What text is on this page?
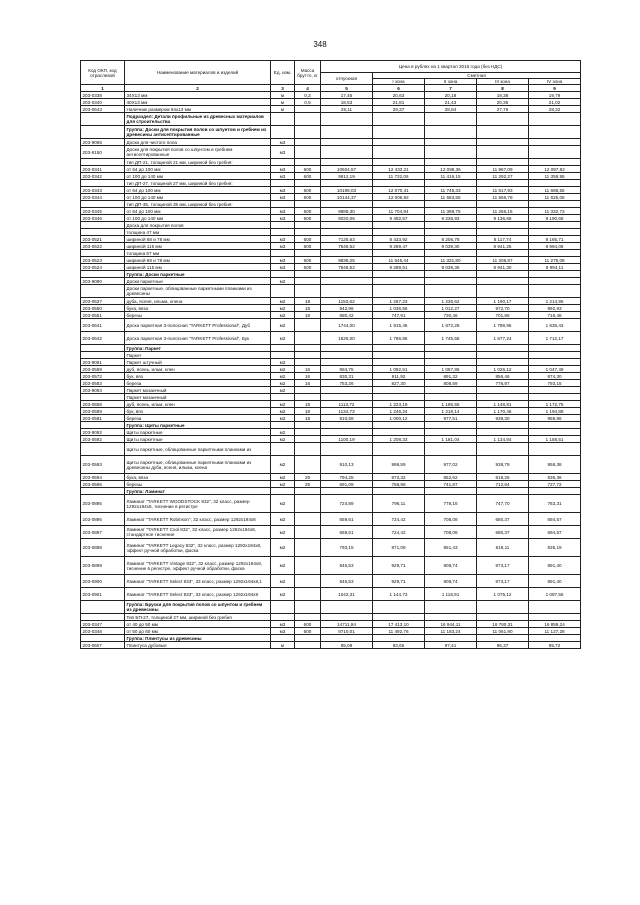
348
Код ОКП, код отраслевой	Наименование материалов и изделий	Ед. изм.	Масса брутто, кг	Цена в рублях на 1 квартал 2016 года (без НДС)				
				отпускная	Сметная			
					I зона	II зона	III зона	IV зона
1	2	3	4	5	6	7	8	9
203-0338	34Х13 мм	м	0,3	17,45	20,63	20,18	19,38	19,79
203-0340	40Х13 мм	м	0,5	18,53	21,81	21,43	20,35	21,02
203-0643	Наличник размером 94х13 мм	м		25,11	29,37	28,84	27,76	28,32
	Подраздел: Детали профильные из древесных материалов для строительства							
	Группа: Доски для покрытия полов со шпунтом и гребнем из древесины антисептированные							
203-9065	Доски для чистого пола	м3						
203-9150	Доски для покрытия полов со шпунтом и гребнем антисептированные	м3						
	тип ДП-21, толщиной 21 мм, шириной без гребня:							
203-0341	от 64 до 100 мм	м3	600	10504,57	12 433,21	12 098,36	11 967,09	12 097,82
203-0342	от 100 до 140 мм	м3	600	9912,19	11 732,06	11 416,15	11 292,27	11 358,95
	тип ДП-27, толщиной 27 мм, шириной без гребня:							
203-0343	от 64 до 100 мм	м3	600	10198,03	12 070,41	11 745,33	11 617,93	11 686,55
203-0344	от 100 до 140 мм	м3	600	10144,37	12 006,92	11 683,55	11 556,79	11 625,06
	тип ДП-35, толщиной 35 мм, шириной без гребня:							
203-0345	от 64 до 100 мм	м3	600	9889,30	11 704,94	11 389,75	11 266,15	11 332,73
203-0346	от 100 до 140 мм	м3	600	8020,06	9 492,57	9 236,93	9 136,69	9 190,68
	Доска для покрытия полов							
	толщина 47 мм							
203-0521	шириной 68 и 78 мм	м3	600	7125,63	8 433,92	8 206,78	8 117,74	8 165,71
203-0522	шириной 115 мм	м3	600	7648,52	9 289,47	9 039,30	8 941,25	8 994,08
	толщина 57 мм							
203-0523	шириной 68 и 78 мм	м3	600	9838,25	11 645,44	11 331,80	11 208,87	11 275,08
203-0524	шириной 115 мм	м3	600	7848,52	9 289,51	9 039,36	8 941,30	8 994,11
	Группа: Доски паркетные							
203-9090	Доски паркетные	м2						
	Доски паркетные, облицованные паркетными планками из древесины							
203-0537	дуба, ясеня, ильма, клена	м2	18	1153,62	1 267,23	1 236,62	1 190,17	1 214,95
203-0550	бука, вяза	м2	18	942,96	1 036,56	1 012,27	972,70	992,93
203-0551	березы	м2	18	680,42	747,91	730,46	701,86	716,48
203-0641	Доска паркетная 3-полосная "TARKETT Professional", Дуб	м2		1744,00	1 915,45	1 872,26	1 798,95	1 836,43
203-0642	Доска паркетная 3-полосная "TARKETT Professional", Бук	м2		1626,00	1 786,85	1 745,58	1 677,24	1 712,17
	Группа: Паркет							
	Паркет							
203-9091	Паркет штучный	м2						
203-0569	дуб, ясень, ильм, клен	м2	16	994,75	1 092,51	1 067,86	1 026,12	1 047,49
203-0572	бук, вяз	м2	16	830,31	911,92	891,32	856,46	874,30
203-0583	береза	м2	16	753,26	827,30	808,59	776,97	793,15
203-9093	Паркет мозаичный	м2						
	Паркет мозаичный							
203-0658	дуб, ясень, ильм, клен	м2	18	1113,72	1 223,19	1 195,56	1 148,81	1 172,75
203-0589	бук, вяз	м2	18	1134,73	1 246,24	1 218,14	1 170,46	1 194,88
203-0581	береза	м2	18	910,58	1 000,12	977,51	939,30	958,86
	Группа: Щиты паркетные							
203-9092	Щиты паркетные	м2						
203-0592	Щиты паркетные	м2		1100,19	1 208,33	1 181,04	1 134,84	1 158,51
	Щиты паркетные, облицованные паркетными планками из							
203-0593	Щиты паркетные, облицованные паркетными планками из древесины дуба, ясеня, ильма, клена	м2		910,13	999,59	977,02	938,79	958,38
203-0594	бука, вяза	м2	25	794,25	872,32	852,62	819,26	836,36
203-0595	березы	м2	25	691,09	758,98	741,87	712,84	727,72
	Группа: Ламинат							
203-0895	Ламинат "TARKETT WOODSTOCK 832", 32 класс, размер 1292х194х8, тиснение в регистре	м2		724,89	796,11	778,16	747,70	763,31
203-0896	Ламинат "TARKETT Robinson", 32 класс, размер 1292х194х8	м2		659,61	724,42	708,08	680,37	694,57
203-0897	Ламинат "TARKETT Cool 832", 32 класс, размер 1292х194х8, стандартное тиснение	м2		659,61	724,42	708,08	680,37	694,57
203-0898	Ламинат "TARKETT Legacy 832", 32 класс, размер 1292х194х8, эффект ручной обработки, фаска	м2		793,15	871,08	851,43	818,11	835,19
203-0899	Ламинат "TARKETT Vintage 832", 32 класс, размер 1292х194х8, тиснение в регистре, эффект ручной обработки, фаска	м2		846,53	929,71	908,74	873,17	891,40
203-0900	Ламинат "TARKETT Select 933", 33 класс, размер 1292х194х8,1	м2		846,53	929,71	908,74	873,17	891,40
203-0901	Ламинат "TARKETT Select 933", 33 класс, размер 1292х194х9	м2		1042,31	1 144,73	1 118,91	1 075,12	1 097,56
	Группа: Бруски для покрытия полов со шпунтом и гребнем из древесины							
	Тип БП-27, толщиной 27 мм, шириной без гребня							
203-0347	от 40 до 50 мм	м3	600	14711,94	17 413,10	16 944,11	16 760,31	16 859,24
203-0348	от 50 до 60 мм	м3	600	9710,01	11 492,76	11 183,24	11 061,90	11 127,28
	Группа: Плинтусы из древесины							
203-0607	Плинтуса дубовые	м		85,08	93,65	97,41	96,37	95,72
